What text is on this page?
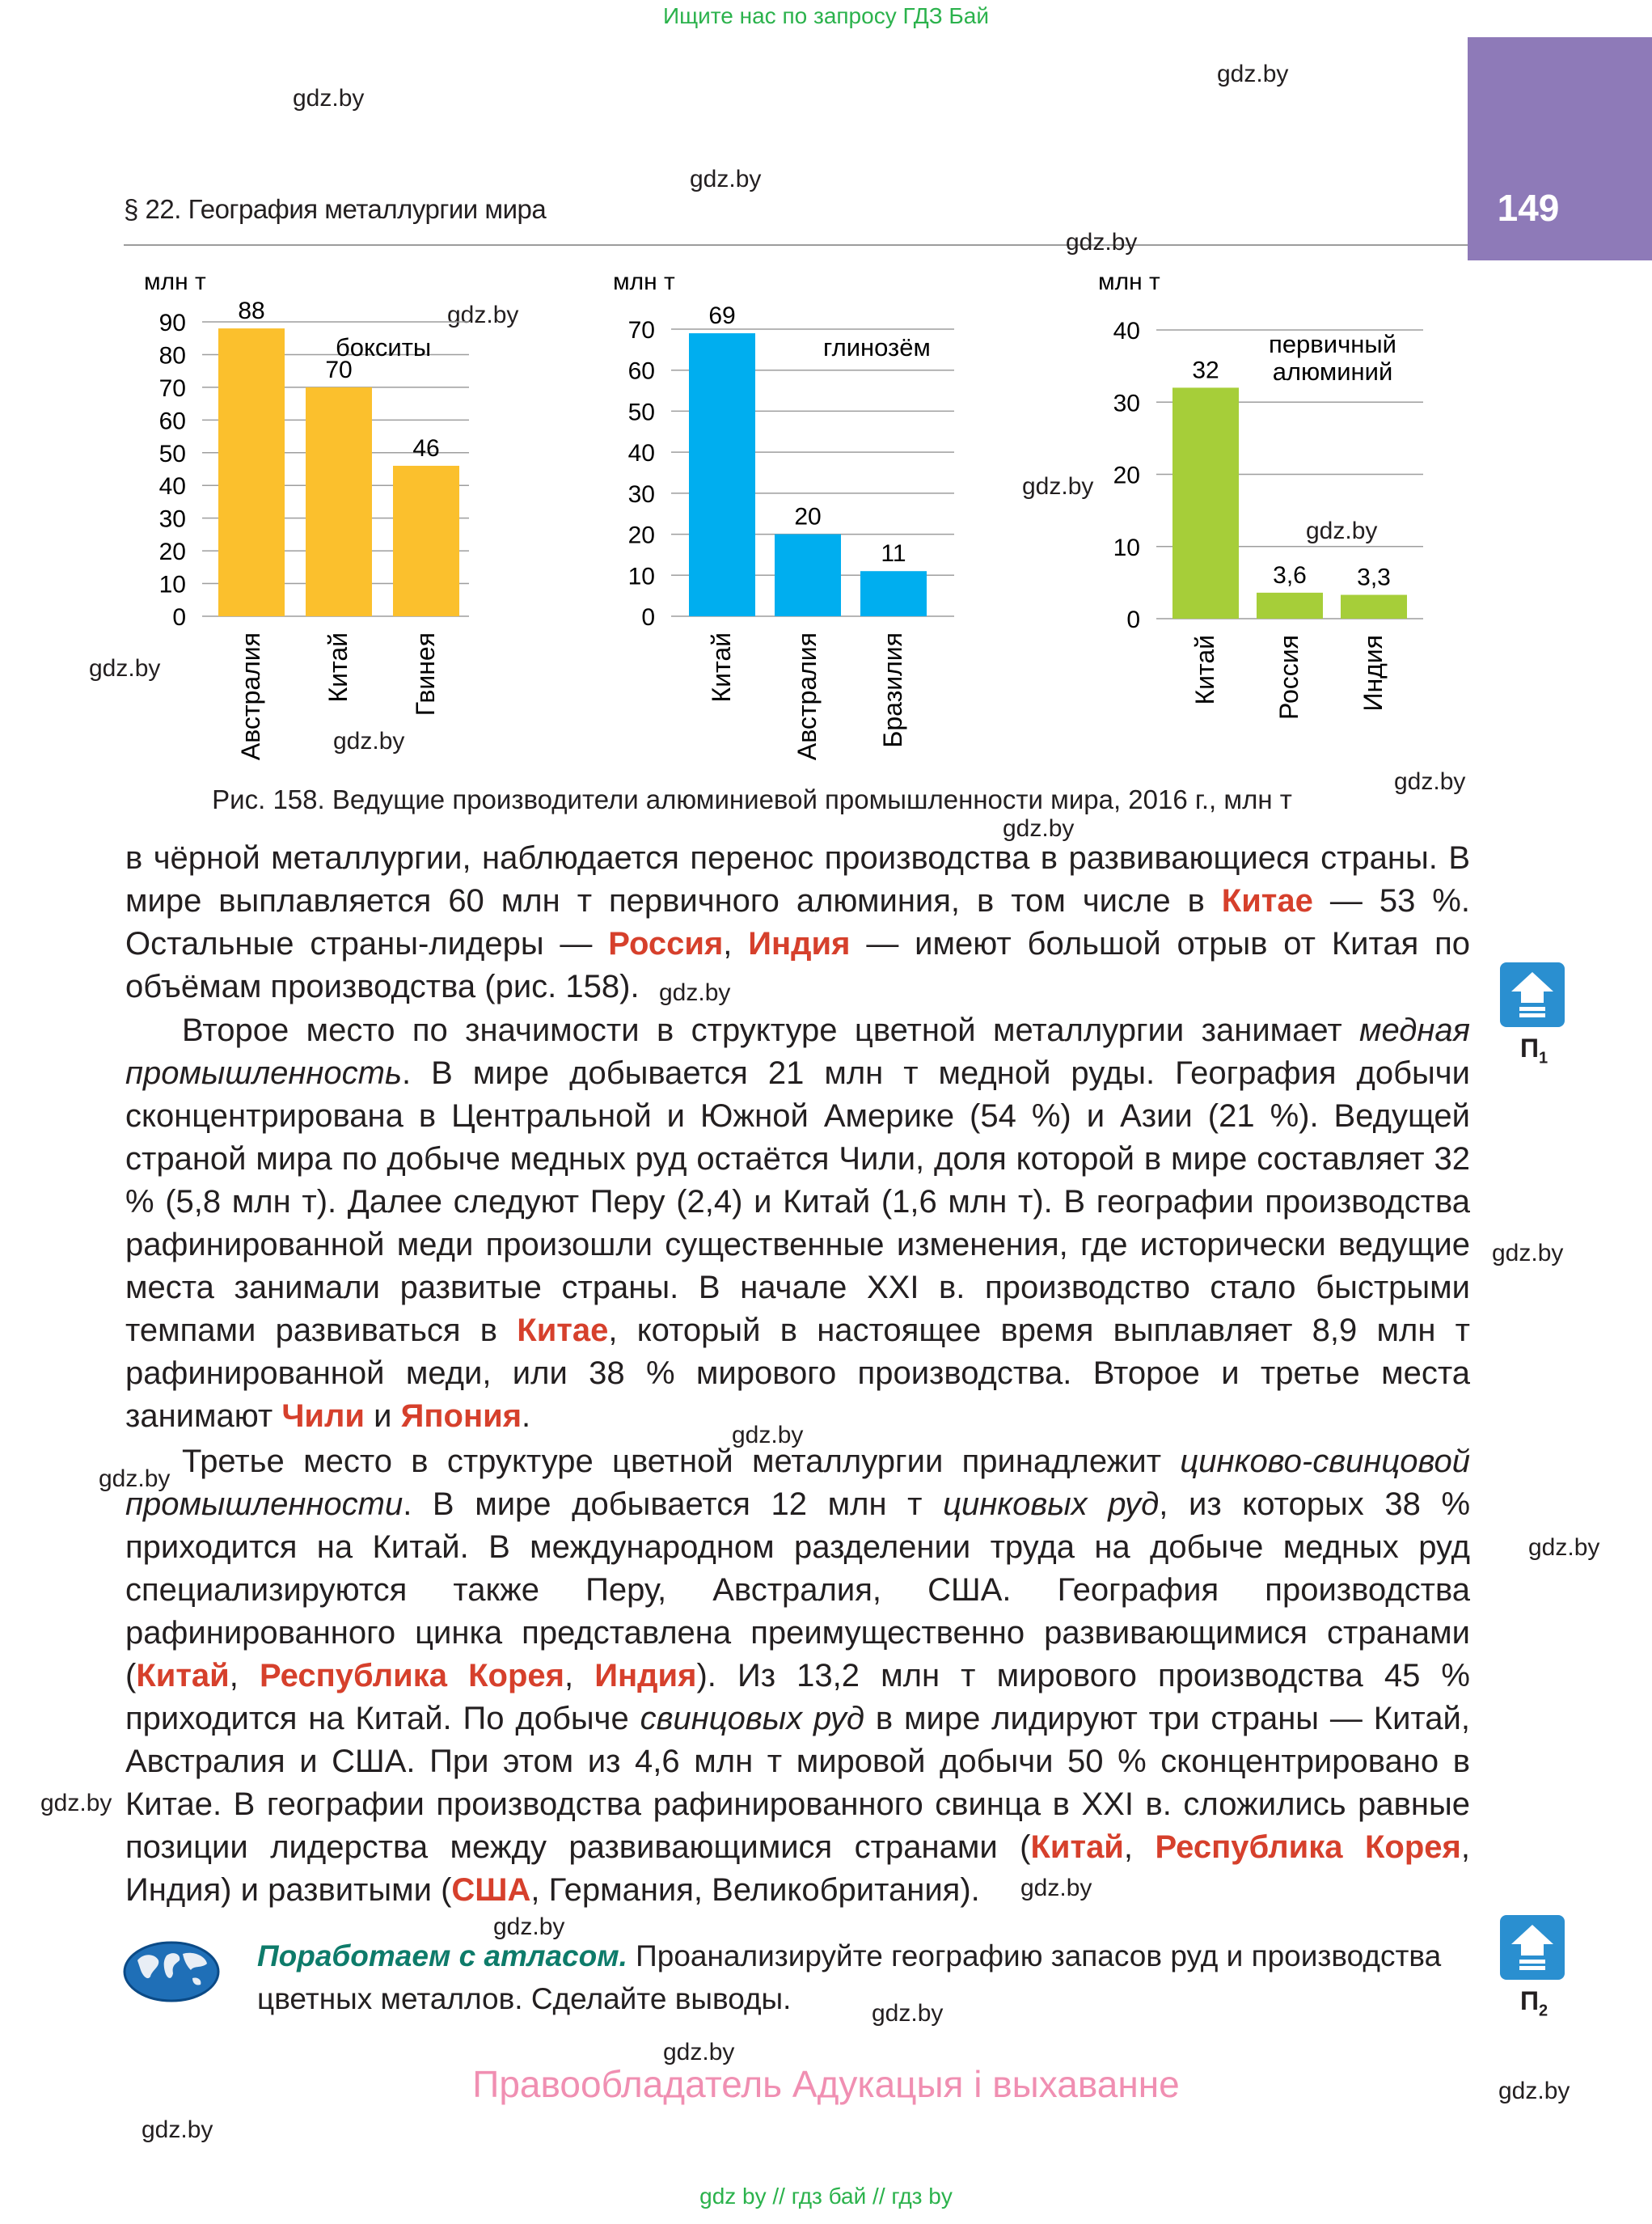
Ищите нас по запросу ГДЗ Бай
149
§ 22. География металлургии мира
gdz.by
gdz.by
gdz.by
gdz.by
gdz.by
gdz.by
gdz.by
gdz.by
gdz.by
gdz.by
gdz.by
gdz.by
gdz.by
gdz.by
gdz.by
gdz.by
gdz.by
gdz.by
gdz.by
gdz.by
gdz.by
gdz.by
gdz.by
млн т
90
80
70
60
50
40
30
20
10
0
88
Австралия
70
Китай
46
Гвинея
бокситы
млн т
70
60
50
40
30
20
10
0
69
Китай
20
Австралия
11
Бразилия
глинозём
млн т
40
30
20
10
0
32
Китай
3,6
Россия
3,3
Индия
первичный
алюминий
Рис. 158. Ведущие производители алюминиевой промышленности мира, 2016 г., млн т

в чёрной металлургии, наблюдается перенос производства в развивающиеся страны. В мире выплавляется 60 млн т первичного алюминия, в том числе в Китае — 53 %. Остальные страны-лидеры — Россия, Индия — имеют большой отрыв от Китая по объёмам производства (рис. 158).

Второе место по значимости в структуре цветной металлургии занимает медная промышленность. В мире добывается 21 млн т медной руды. География добычи сконцентрирована в Центральной и Южной Америке (54 %) и Азии (21 %). Ведущей страной мира по добыче медных руд остаётся Чили, доля которой в мире составляет 32 % (5,8 млн т). Далее следуют Перу (2,4) и Китай (1,6 млн т). В географии производства рафинированной меди произошли существенные изменения, где исторически ведущие места занимали развитые страны. В начале XXI в. производство стало быстрыми темпами развиваться в Китае, который в настоящее время выплавляет 8,9 млн т рафинированной меди, или 38 % мирового производства. Второе и третье места занимают Чили и Япония.

Третье место в структуре цветной металлургии принадлежит цинково-свинцовой промышленности. В мире добывается 12 млн т цинковых руд, из которых 38 % приходится на Китай. В международном разделении труда на добыче медных руд специализируются также Перу, Австралия, США. География производства рафинированного цинка представлена преимущественно развивающимися странами (Китай, Республика Корея, Индия). Из 13,2 млн т мирового производства 45 % приходится на Китай. По добыче свинцовых руд в мире лидируют три страны — Китай, Австралия и США. При этом из 4,6 млн т мировой добычи 50 % сконцентрировано в Китае. В географии производства рафинированного свинца в XXI в. сложились равные позиции лидерства между развивающимися странами (Китай, Республика Корея, Индия) и развитыми (США, Германия, Великобритания).

$П_1$
$П_2$
Поработаем с атласом. Проанализируйте географию запасов руд и производства цветных металлов. Сделайте выводы.
Правообладатель Адукацыя і выхаванне
gdz by // гдз бай // гдз by
